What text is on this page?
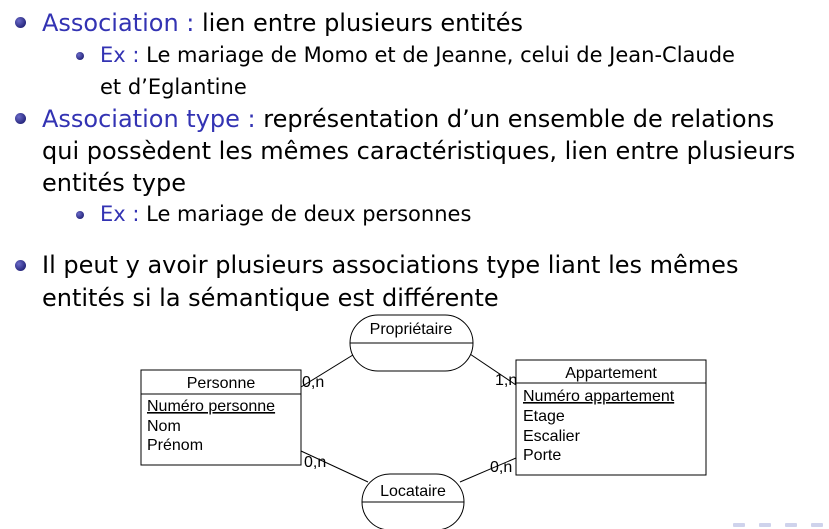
Association : lien entre plusieurs entités
Ex : Le mariage de Momo et de Jeanne, celui de Jean-Claude
et d’Eglantine
Association type : représentation d’un ensemble de relations
qui possèdent les mêmes caractéristiques, lien entre plusieurs
entités type
Ex : Le mariage de deux personnes
Il peut y avoir plusieurs associations type liant les mêmes
entités si la sémantique est différente
Propriétaire
Locataire
Personne
Numéro personne
Nom
Prénom
Appartement
Numéro appartement
Etage
Escalier
Porte
0,n	1,n
0,n	0,n
